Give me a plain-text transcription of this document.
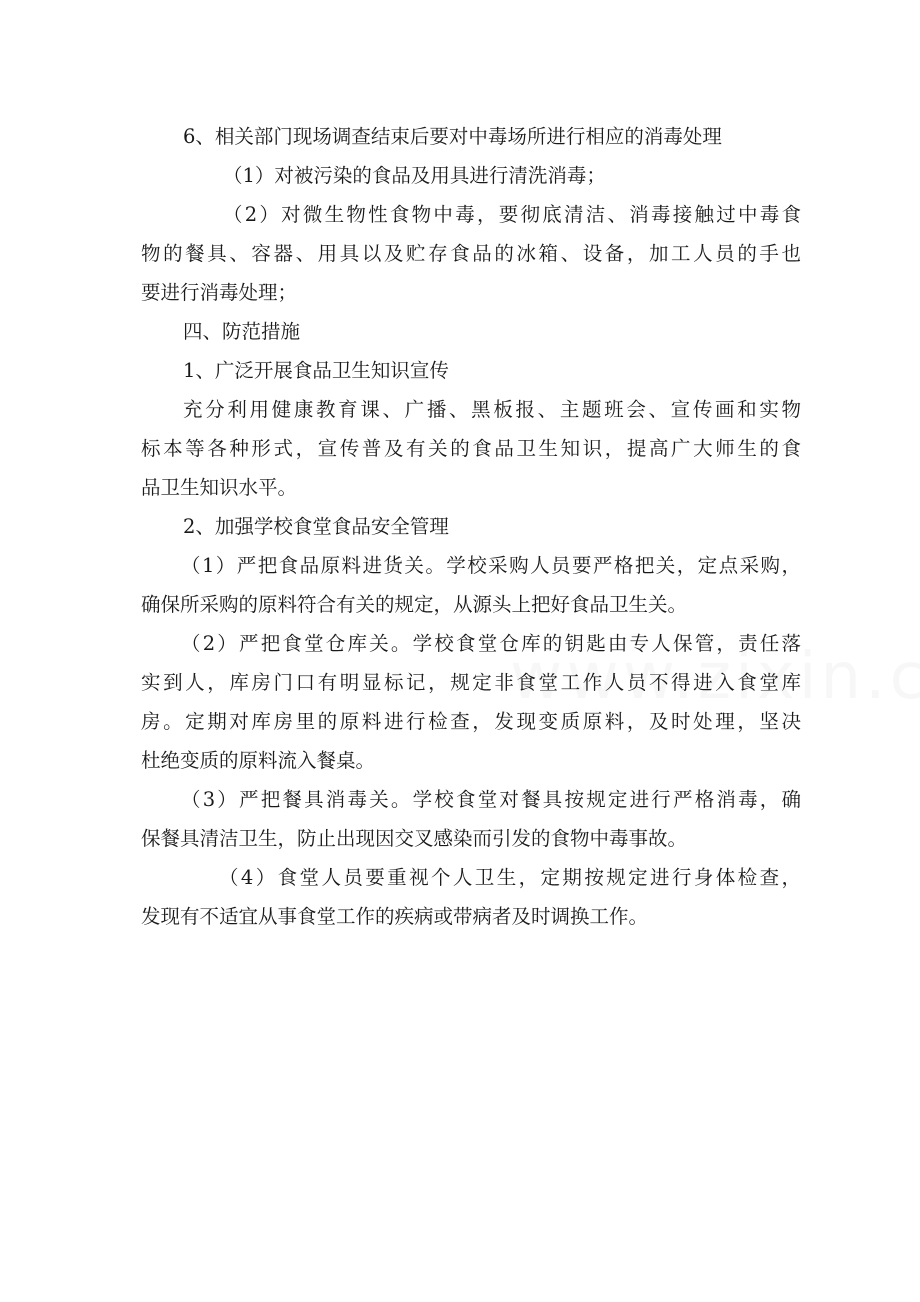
6、相关部门现场调查结束后要对中毒场所进行相应的消毒处理
（1）对被污染的食品及用具进行清洗消毒；
（2）对微生物性食物中毒，要彻底清洁、消毒接触过中毒食
物的餐具、容器、用具以及贮存食品的冰箱、设备，加工人员的手也
要进行消毒处理；
四、防范措施
1、广泛开展食品卫生知识宣传
充分利用健康教育课、广播、黑板报、主题班会、宣传画和实物
标本等各种形式，宣传普及有关的食品卫生知识，提高广大师生的食
品卫生知识水平。
2、加强学校食堂食品安全管理
（1）严把食品原料进货关。学校采购人员要严格把关，定点采购，
确保所采购的原料符合有关的规定，从源头上把好食品卫生关。
（2）严把食堂仓库关。学校食堂仓库的钥匙由专人保管，责任落
实到人，库房门口有明显标记，规定非食堂工作人员不得进入食堂库
房。定期对库房里的原料进行检查，发现变质原料，及时处理，坚决
杜绝变质的原料流入餐桌。
（3）严把餐具消毒关。学校食堂对餐具按规定进行严格消毒，确
保餐具清洁卫生，防止出现因交叉感染而引发的食物中毒事故。
（4）食堂人员要重视个人卫生，定期按规定进行身体检查，
发现有不适宜从事食堂工作的疾病或带病者及时调换工作。
